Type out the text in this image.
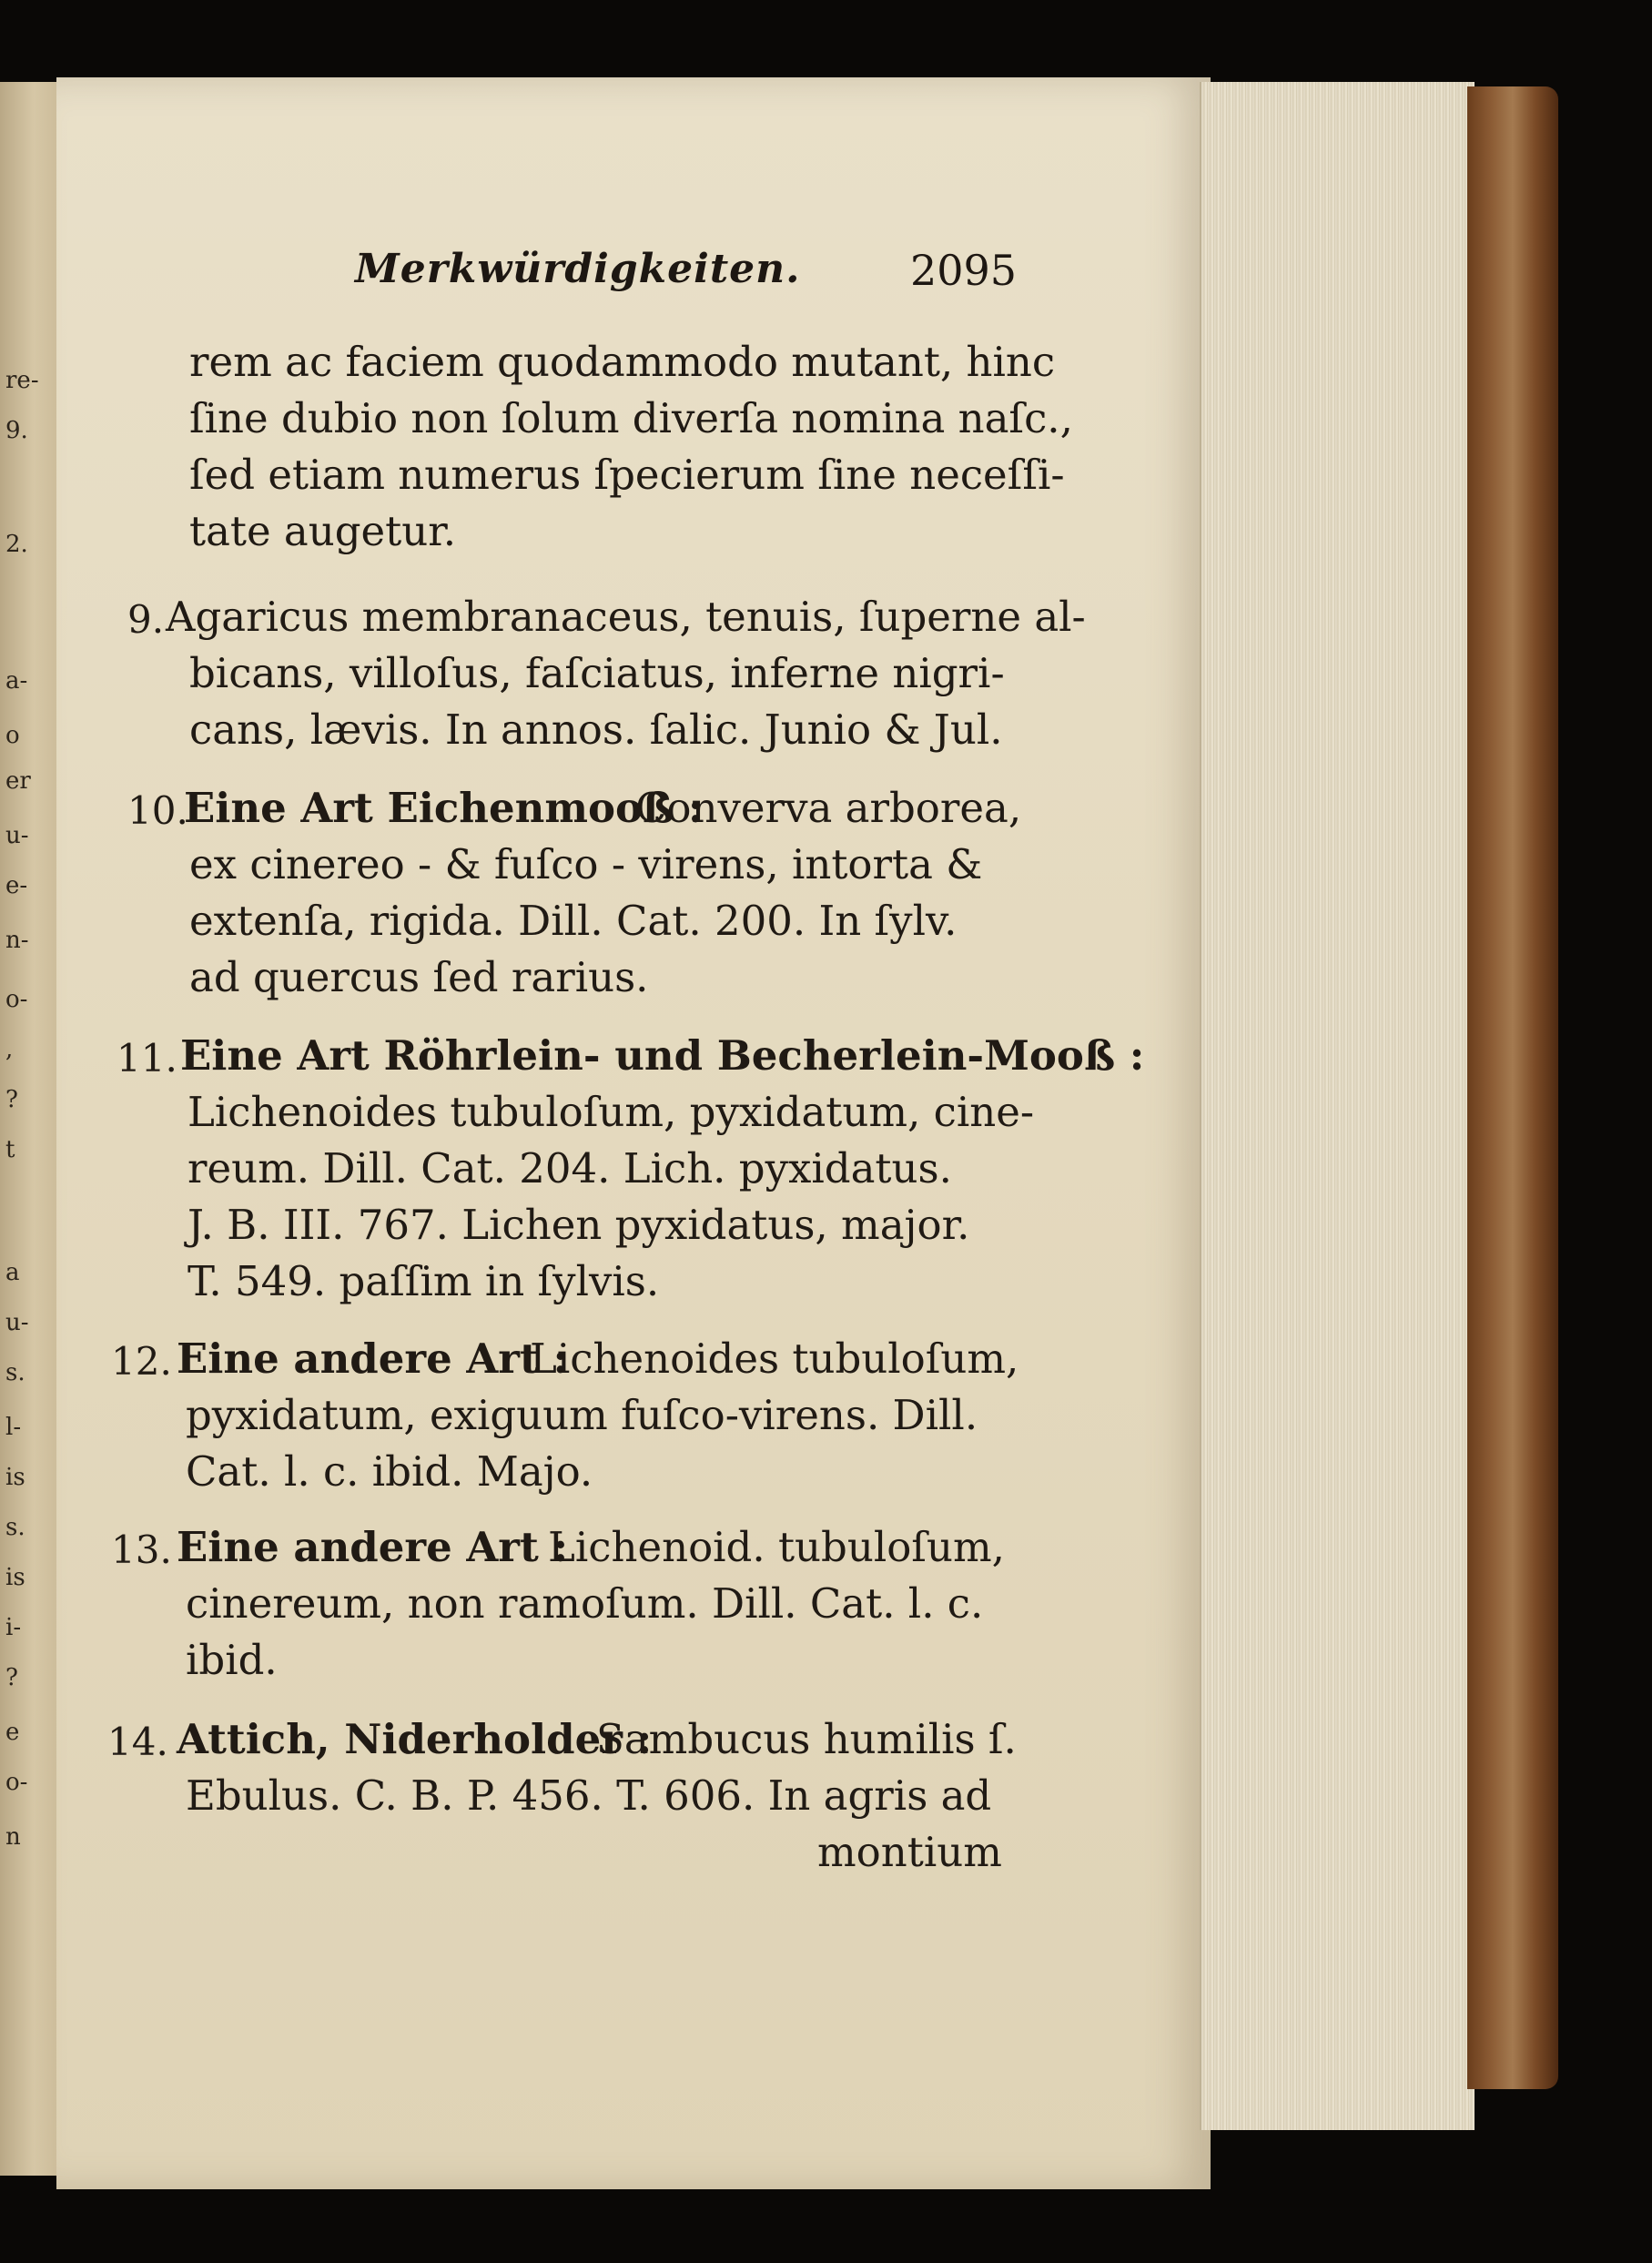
re-
9.
2.
a-
o
er
u-
e-
n-
o-
,
?
t
a
u-
s.
l-
is
s.
is
i-
?
e
o-
n
Merkwürdigkeiten.	2095
rem ac faciem quodammodo mutant, hinc
ſine dubio non ſolum diverſa nomina naſc.,
ſed etiam numerus ſpecierum ſine neceſſi-
tate augetur.
9. Agaricus membranaceus, tenuis, ſuperne al-
bicans, villoſus, faſciatus, inferne nigri-
cans, lævis. In annos. ſalic. Junio & Jul.
10.
Eine Art Eichenmooß :
Converva arborea,
ex cinereo - & fuſco - virens, intorta &
extenſa, rigida. Dill. Cat. 200. In ſylv.
ad quercus ſed rarius.
11. Eine Art Röhrlein- und Becherlein-Mooß :
Lichenoides tubuloſum, pyxidatum, cine-
reum. Dill. Cat. 204. Lich. pyxidatus.
J. B. III. 767. Lichen pyxidatus, major.
T. 549. paſſim in ſylvis.
12. Eine andere Art :
Lichenoides tubuloſum,
pyxidatum, exiguum fuſco-virens. Dill.
Cat. l. c. ibid. Majo.
13. Eine andere Art :
Lichenoid. tubuloſum,
cinereum, non ramoſum. Dill. Cat. l. c.
ibid.
14. Attich, Niderholder :
Sambucus humilis ſ.
Ebulus. C. B. P. 456. T. 606. In agris ad
montium
